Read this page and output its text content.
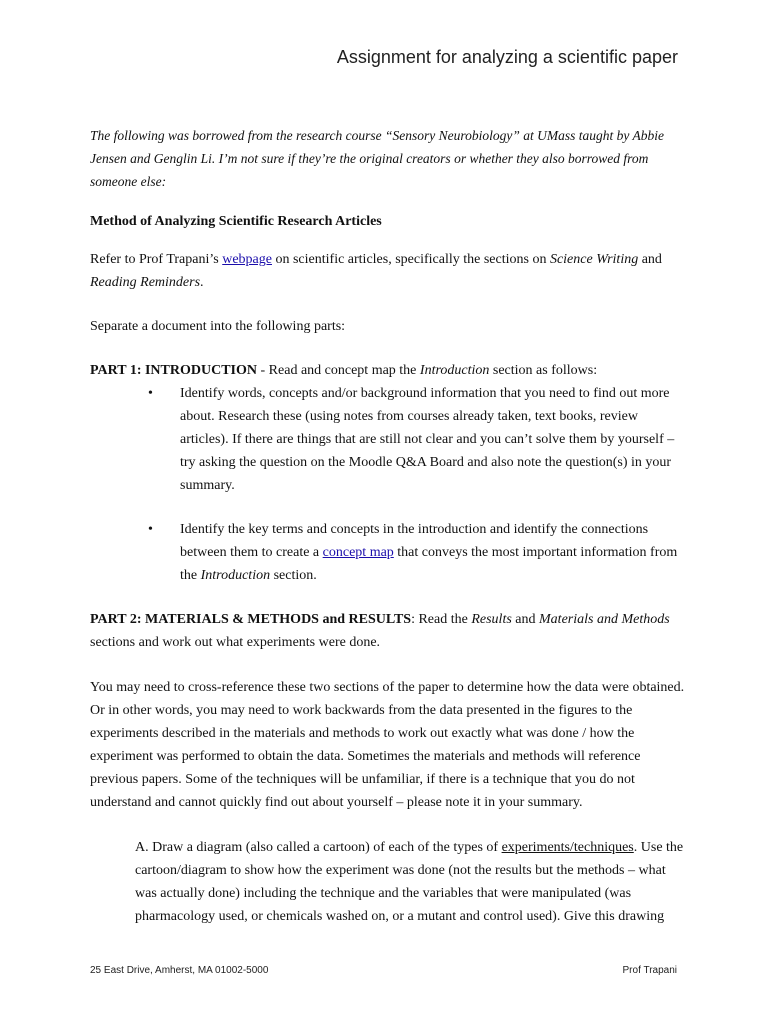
Assignment for analyzing a scientific paper

The following was borrowed from the research course “Sensory Neurobiology” at UMass taught by Abbie Jensen and Genglin Li. I’m not sure if they’re the original creators or whether they also borrowed from someone else:

Method of Analyzing Scientific Research Articles

Refer to Prof Trapani’s webpage on scientific articles, specifically the sections on Science Writing and Reading Reminders.

Separate a document into the following parts:

PART 1: INTRODUCTION - Read and concept map the Introduction section as follows:

• Identify words, concepts and/or background information that you need to find out more about. Research these (using notes from courses already taken, text books, review articles). If there are things that are still not clear and you can’t solve them by yourself – try asking the question on the Moodle Q&A Board and also note the question(s) in your summary.
• Identify the key terms and concepts in the introduction and identify the connections between them to create a concept map that conveys the most important information from the Introduction section.

PART 2: MATERIALS & METHODS and RESULTS: Read the Results and Materials and Methods sections and work out what experiments were done.

You may need to cross-reference these two sections of the paper to determine how the data were obtained. Or in other words, you may need to work backwards from the data presented in the figures to the experiments described in the materials and methods to work out exactly what was done / how the experiment was performed to obtain the data. Sometimes the materials and methods will reference previous papers. Some of the techniques will be unfamiliar, if there is a technique that you do not understand and cannot quickly find out about yourself – please note it in your summary.

A. Draw a diagram (also called a cartoon) of each of the types of experiments/techniques. Use the cartoon/diagram to show how the experiment was done (not the results but the methods – what was actually done) including the technique and the variables that were manipulated (was pharmacology used, or chemicals washed on, or a mutant and control used). Give this drawing

25 East Drive, Amherst, MA 01002-5000	Prof Trapani
